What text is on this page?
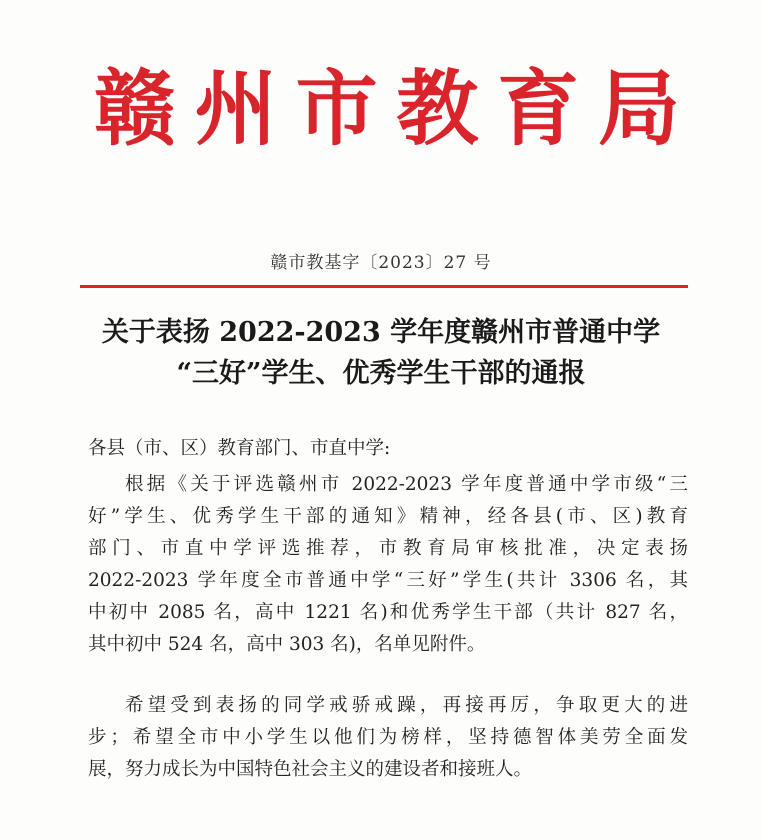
赣 州 市 教 育 局
赣市教基字〔2023〕27 号
关于表扬 2022-2023 学年度赣州市普通中学
“三好”学生、优秀学生干部的通报
各县（市、区）教育部门、市直中学:
根据《关于评选赣州市 2022-2023 学年度普通中学市级“三
好”学生、优秀学生干部的通知》精神，经各县(市、区)教育
部门、市直中学评选推荐，市教育局审核批准，决定表扬
2022-2023 学年度全市普通中学“三好”学生(共计 3306 名，其
中初中 2085 名，高中 1221 名)和优秀学生干部（共计 827 名，
其中初中 524 名，高中 303 名)，名单见附件。
希望受到表扬的同学戒骄戒躁，再接再厉，争取更大的进
步；希望全市中小学生以他们为榜样，坚持德智体美劳全面发
展，努力成长为中国特色社会主义的建设者和接班人。
